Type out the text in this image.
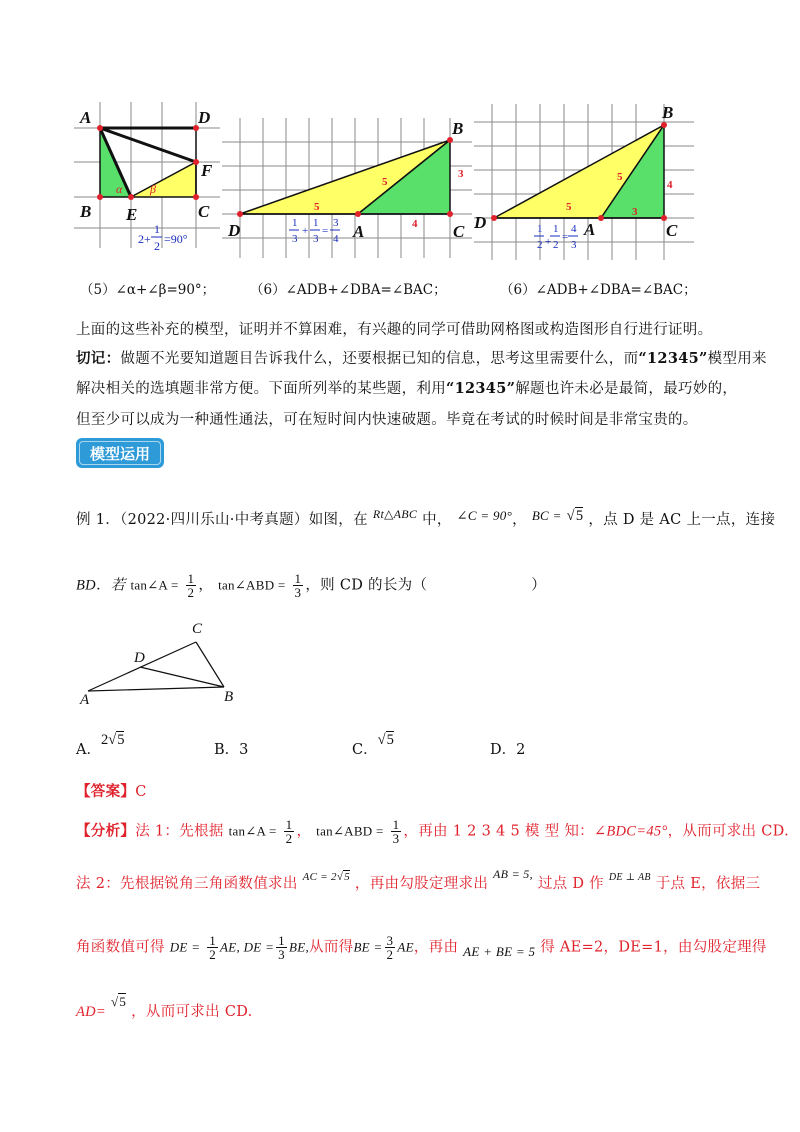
A	D
B E	C
F
α β
2+
1
2 =90°
B
D	A	C
5
5
3
4
1
3
+
1
3
=
3
4
B
D	A	C
5
5
4
3
1
2 +
1
2
=
4
3
（5）∠α+∠β=90°；	（6）∠ADB+∠DBA=∠BAC；	（6）∠ADB+∠DBA=∠BAC；
上面的这些补充的模型，证明并不算困难，有兴趣的同学可借助网格图或构造图形自行进行证明。
切记：做题不光要知道题目告诉我什么，还要根据已知的信息，思考这里需要什么，而“12345”模型用来
解决相关的选填题非常方便。下面所列举的某些题，利用“12345”解题也许未必是最简，最巧妙的，
但至少可以成为一种通性通法，可在短时间内快速破题。毕竟在考试的时候时间是非常宝贵的。
模型运用
例 1．（2022·四川乐山·中考真题）如图，在 $^{Rt\triangle ABC}$ 中， ∠C = 90°， BC = √5 ，点 D 是 AC 上一点，连接
BD．若 tan∠A = $\frac{1}{2}$ ， tan∠ABD = $\frac{1}{3}$ ，则 CD 的长为（	）
C
D
A	B
A．2√5
B．3	C．√5
D．2
【答案】C
【分析】法 1：先根据 tan∠A = $\frac{1}{2}$ ， tan∠ABD = $\frac{1}{3}$ ，再由 1 2 3 4 5 模 型 知：∠BDC=45°，从而可求出 CD.
法 2：先根据锐角三角函数值求出 $^{AC = 2√5}$ ，再由勾股定理求出 $^{AB = 5,}$ 过点 D 作 $^{DE \perp AB}$ 于点 E，依据三
角函数值可得 DE = $\frac{1}{2}$ AE, DE = $\frac{1}{3}$ BE,从而得BE = $\frac{3}{2}$ AE，再由 AE + BE = 5 得 AE=2，DE=1，由勾股定理得
AD= √5 ，从而可求出 CD.
